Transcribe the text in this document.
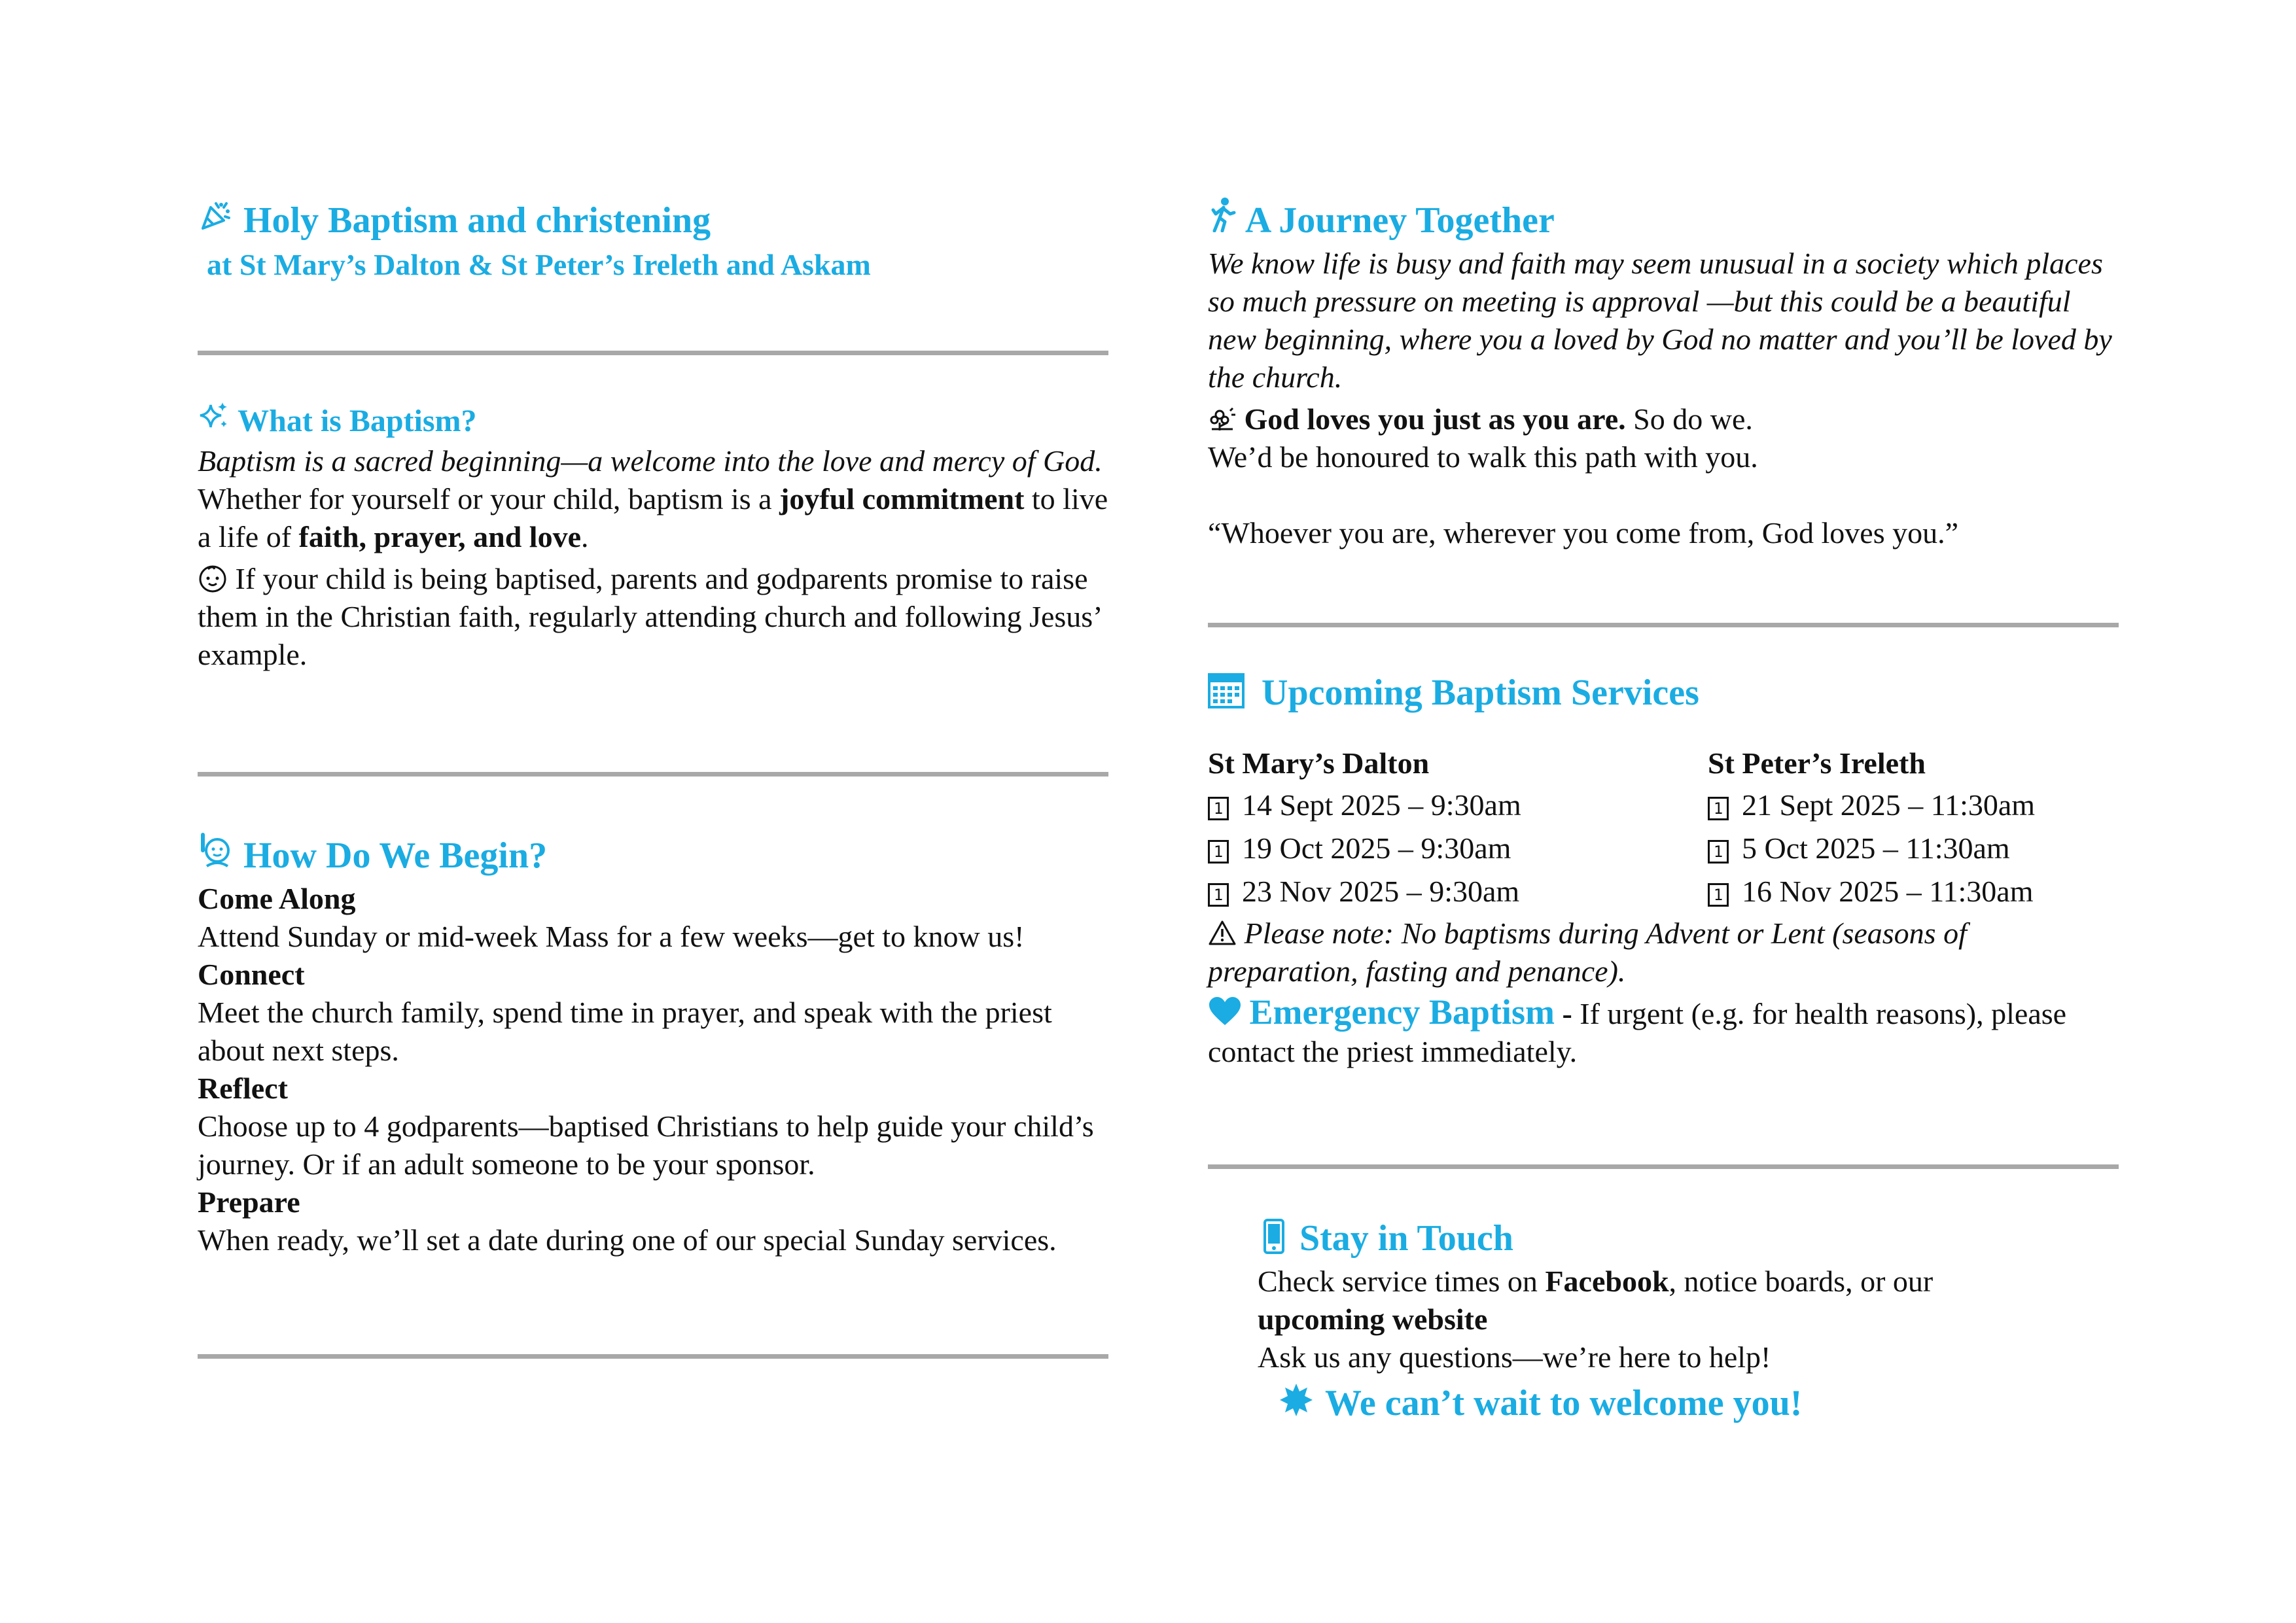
Holy Baptism and christening
at St Mary’s Dalton & St Peter’s Ireleth and Askam
What is Baptism?

Baptism is a sacred beginning—a welcome into the love and mercy of God.

Whether for yourself or your child, baptism is a joyful commitment to live a life of faith, prayer, and love.

If your child is being baptised, parents and godparents promise to raise them in the Christian faith, regularly attending church and following Jesus’ example.

How Do We Begin?

Come Along

Attend Sunday or mid-week Mass for a few weeks—get to know us!

Connect

Meet the church family, spend time in prayer, and speak with the priest about next steps.

Reflect

Choose up to 4 godparents—baptised Christians to help guide your child’s journey. Or if an adult someone to be your sponsor.

Prepare

When ready, we’ll set a date during one of our special Sunday services.

A Journey Together

We know life is busy and faith may seem unusual in a society which places so much pressure on meeting is approval —but this could be a beautiful new beginning, where you a loved by God no matter and you’ll be loved by the church.

God loves you just as you are. So do we.

We’d be honoured to walk this path with you.

“Whoever you are, wherever you come from, God loves you.”

Upcoming Baptism Services

St Mary’s Dalton

1 14 Sept 2025 – 9:30am

1 19 Oct 2025 – 9:30am

1 23 Nov 2025 – 9:30am

St Peter’s Ireleth

1 21 Sept 2025 – 11:30am

1 5 Oct 2025 – 11:30am

1 16 Nov 2025 – 11:30am

Please note: No baptisms during Advent or Lent (seasons of preparation, fasting and penance).

Emergency Baptism - If urgent (e.g. for health reasons), please contact the priest immediately.

Stay in Touch

Check service times on Facebook, notice boards, or our
upcoming website

Ask us any questions—we’re here to help!

We can’t wait to welcome you!
